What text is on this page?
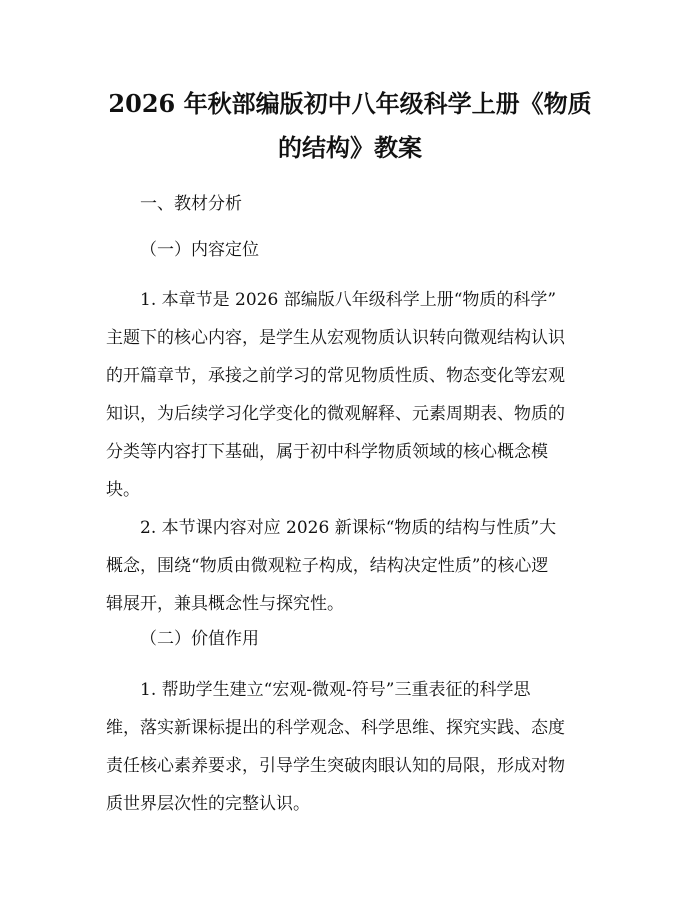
2026 年秋部编版初中八年级科学上册《物质
的结构》教案

一、教材分析

（一）内容定位

1. 本章节是 2026 部编版八年级科学上册“物质的科学”
主题下的核心内容，是学生从宏观物质认识转向微观结构认识
的开篇章节，承接之前学习的常见物质性质、物态变化等宏观
知识，为后续学习化学变化的微观解释、元素周期表、物质的
分类等内容打下基础，属于初中科学物质领域的核心概念模
块。
2. 本节课内容对应 2026 新课标“物质的结构与性质”大
概念，围绕“物质由微观粒子构成，结构决定性质”的核心逻
辑展开，兼具概念性与探究性。

（二）价值作用

1. 帮助学生建立“宏观-微观-符号”三重表征的科学思
维，落实新课标提出的科学观念、科学思维、探究实践、态度
责任核心素养要求，引导学生突破肉眼认知的局限，形成对物
质世界层次性的完整认识。
